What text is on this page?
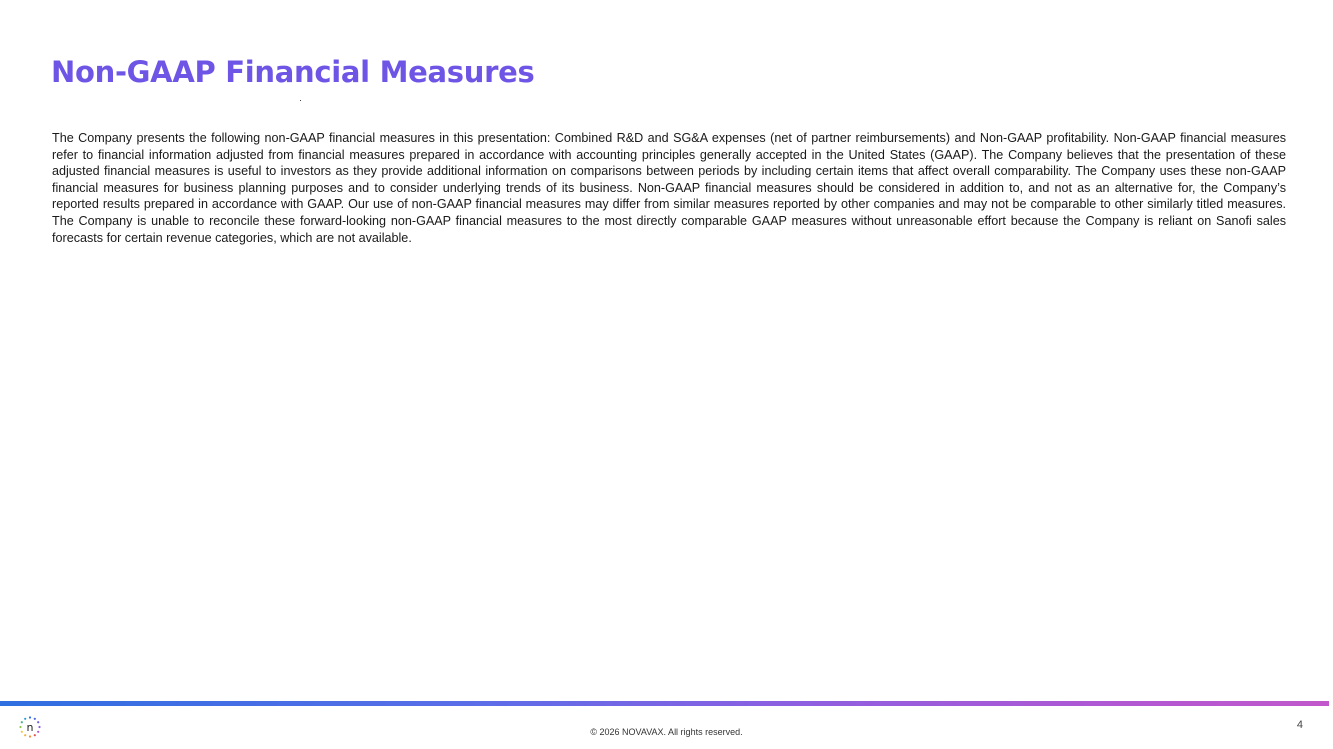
Non-GAAP Financial Measures

The Company presents the following non-GAAP financial measures in this presentation: Combined R&D and SG&A expenses (net of partner reimbursements) and Non-GAAP profitability. Non-GAAP financial measures refer to financial information adjusted from financial measures prepared in accordance with accounting principles generally accepted in the United States (GAAP). The Company believes that the presentation of these adjusted financial measures is useful to investors as they provide additional information on comparisons between periods by including certain items that affect overall comparability. The Company uses these non-GAAP financial measures for business planning purposes and to consider underlying trends of its business. Non-GAAP financial measures should be considered in addition to, and not as an alternative for, the Company’s reported results prepared in accordance with GAAP. Our use of non-GAAP financial measures may differ from similar measures reported by other companies and may not be comparable to other similarly titled measures. The Company is unable to reconcile these forward-looking non-GAAP financial measures to the most directly comparable GAAP measures without unreasonable effort because the Company is reliant on Sanofi sales forecasts for certain revenue categories, which are not available.

n	© 2026 NOVAVAX. All rights reserved.
4
